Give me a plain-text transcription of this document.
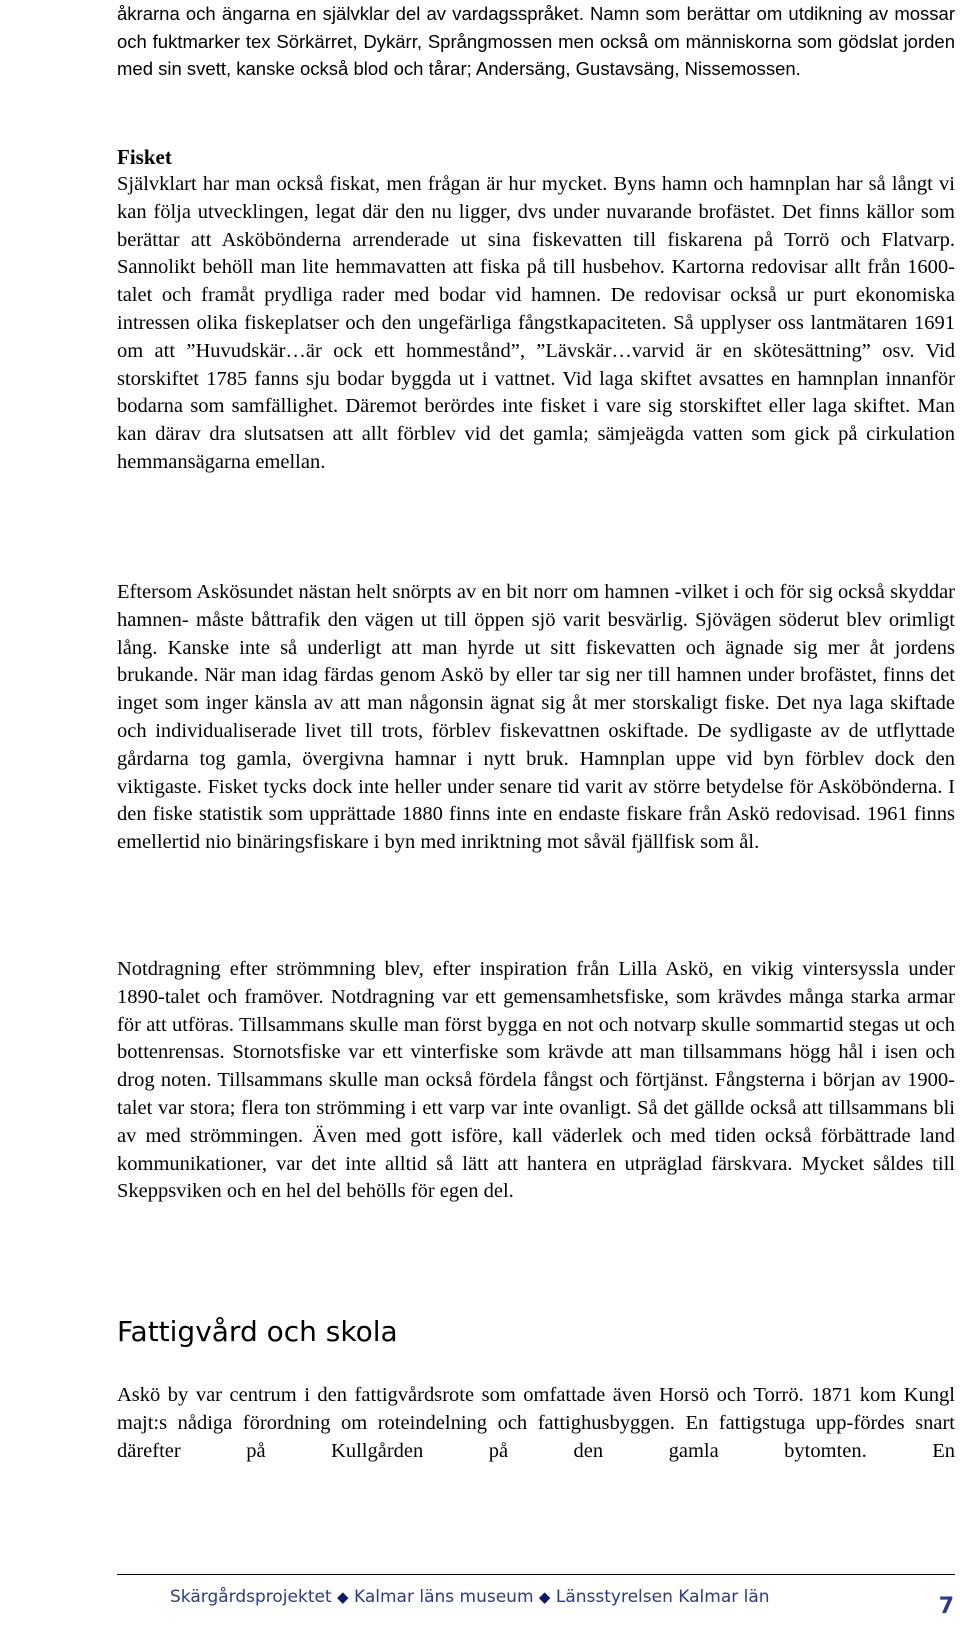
åkrarna och ängarna en självklar del av vardagsspråket. Namn som berättar om utdikning av mossar och fuktmarker tex Sörkärret, Dykärr, Språngmossen men också om människorna som gödslat jorden med sin svett, kanske också blod och tårar; Andersäng, Gustavsäng, Nissemossen.

Fisket

Självklart har man också fiskat, men frågan är hur mycket. Byns hamn och hamnplan har så långt vi kan följa utvecklingen, legat där den nu ligger, dvs under nuvarande brofästet. Det finns källor som berättar att Asköbönderna arrenderade ut sina fiskevatten till fiskarena på Torrö och Flatvarp. Sannolikt behöll man lite hemmavatten att fiska på till husbehov. Kartorna redovisar allt från 1600-talet och framåt prydliga rader med bodar vid hamnen. De redovisar också ur purt ekonomiska intressen olika fiskeplatser och den ungefärliga fångstkapaciteten. Så upplyser oss lantmätaren 1691 om att ”Huvudskär…är ock ett hommestånd”, ”Lävskär…varvid är en skötesättning” osv. Vid storskiftet 1785 fanns sju bodar byggda ut i vattnet. Vid laga skiftet avsattes en hamnplan innanför bodarna som samfällighet. Däremot berördes inte fisket i vare sig storskiftet eller laga skiftet. Man kan därav dra slutsatsen att allt förblev vid det gamla; sämjeägda vatten som gick på cirkulation hemmansägarna emellan.

Eftersom Askösundet nästan helt snörpts av en bit norr om hamnen -vilket i och för sig också skyddar hamnen- måste båttrafik den vägen ut till öppen sjö varit besvärlig. Sjövägen söderut blev orimligt lång. Kanske inte så underligt att man hyrde ut sitt fiskevatten och ägnade sig mer åt jordens brukande. När man idag färdas genom Askö by eller tar sig ner till hamnen under brofästet, finns det inget som inger känsla av att man någonsin ägnat sig åt mer storskaligt fiske. Det nya laga skiftade och individualiserade livet till trots, förblev fiskevattnen oskiftade. De sydligaste av de utflyttade gårdarna tog gamla, övergivna hamnar i nytt bruk. Hamnplan uppe vid byn förblev dock den viktigaste. Fisket tycks dock inte heller under senare tid varit av större betydelse för Asköbönderna. I den fiske statistik som upprättade 1880 finns inte en endaste fiskare från Askö redovisad. 1961 finns emellertid nio binäringsfiskare i byn med inriktning mot såväl fjällfisk som ål.

Notdragning efter strömmning blev, efter inspiration från Lilla Askö, en vikig vintersyssla under 1890-talet och framöver. Notdragning var ett gemensamhetsfiske, som krävdes många starka armar för att utföras. Tillsammans skulle man först bygga en not och notvarp skulle sommartid stegas ut och bottenrensas. Stornotsfiske var ett vinterfiske som krävde att man tillsammans högg hål i isen och drog noten. Tillsammans skulle man också fördela fångst och förtjänst. Fångsterna i början av 1900-talet var stora; flera ton strömming i ett varp var inte ovanligt. Så det gällde också att tillsammans bli av med strömmingen. Även med gott isföre, kall väderlek och med tiden också förbättrade land kommunikationer, var det inte alltid så lätt att hantera en utpräglad färskvara. Mycket såldes till Skeppsviken och en hel del behölls för egen del.

Fattigvård och skola

Askö by var centrum i den fattigvårdsrote som omfattade även Horsö och Torrö. 1871 kom Kungl majt:s nådiga förordning om roteindelning och fattighusbyggen. En fattigstuga upp-fördes snart därefter på Kullgården på den gamla bytomten. En

Skärgårdsprojektet ◆ Kalmar läns museum ◆ Länsstyrelsen Kalmar län	7
